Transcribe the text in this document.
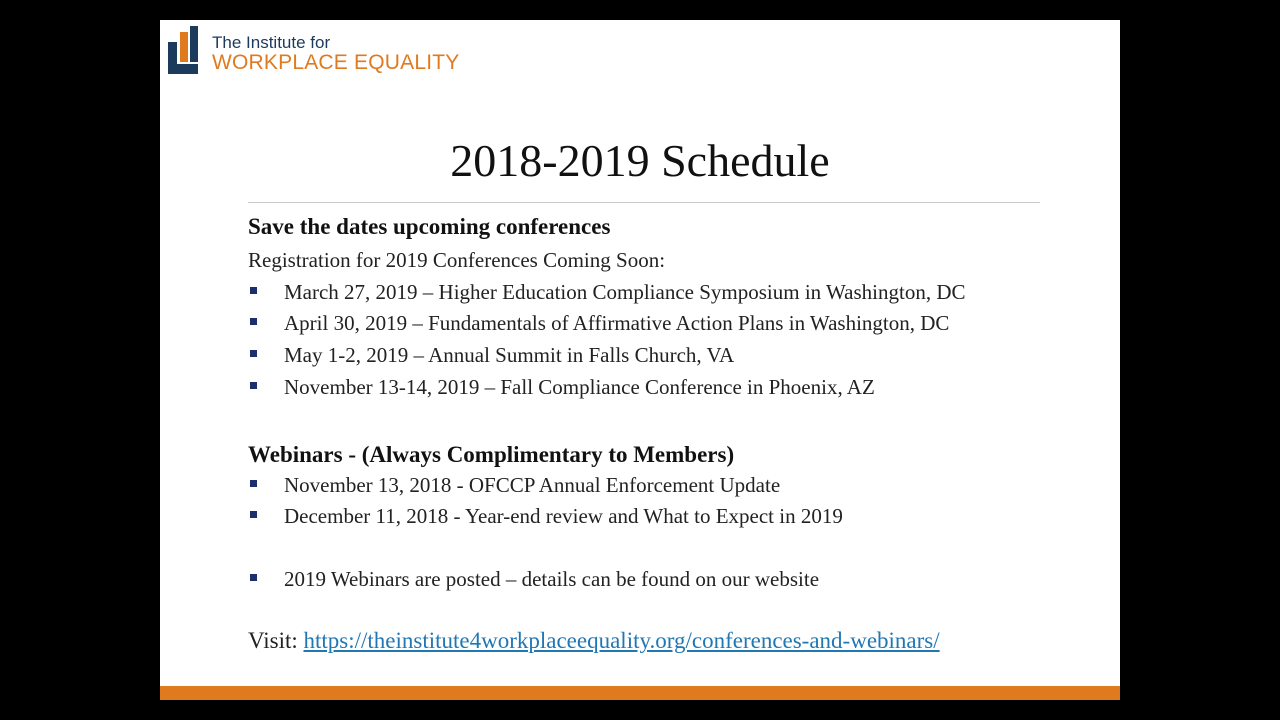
The Institute for
WORKPLACE EQUALITY
2018-2019 Schedule
Save the dates upcoming conferences
Registration for 2019 Conferences Coming Soon:
March 27, 2019 – Higher Education Compliance Symposium in Washington, DC
April 30, 2019 – Fundamentals of Affirmative Action Plans in Washington, DC
May 1-2, 2019 – Annual Summit in Falls Church, VA
November 13-14, 2019 – Fall Compliance Conference in Phoenix, AZ
Webinars - (Always Complimentary to Members)
November 13, 2018 - OFCCP Annual Enforcement Update
December 11, 2018 - Year-end review and What to Expect in 2019
2019 Webinars are posted – details can be found on our website
Visit: https://theinstitute4workplaceequality.org/conferences-and-webinars/
